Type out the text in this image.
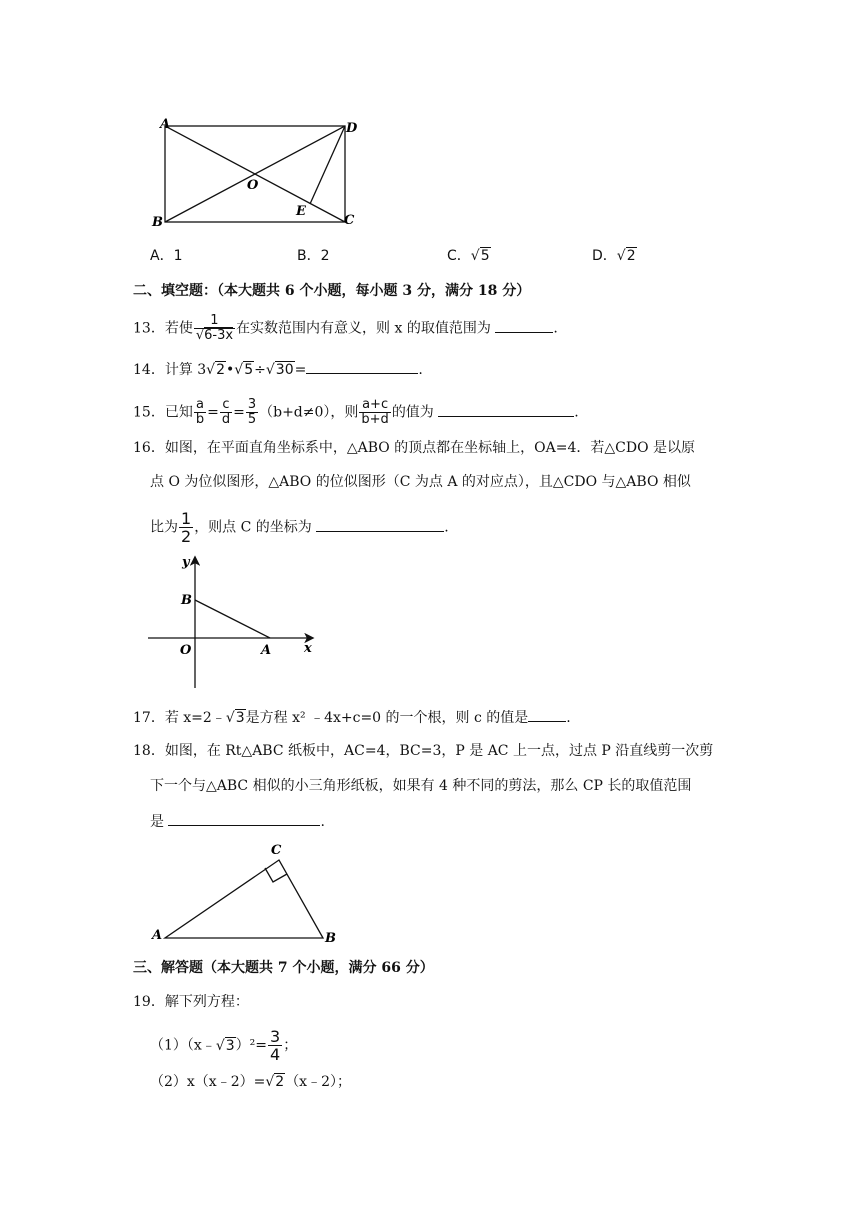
A	D
O
E
B	C
A．1	B．2	C．√5	D．√2
二、填空题：（本大题共 6 个小题，每小题 3 分，满分 18 分）
13．若使 $\frac{1}{√6-3x}$ 在实数范围内有意义，则 x 的取值范围为	.
14．计算 3√2•√5÷√30=	.
15．已知 $\frac{a}{b} = \frac{c}{d} = \frac{3}{5} (b+d\ne 0)$，则 $\frac{a+c}{b+d}$ 的值为	.
16．如图，在平面直角坐标系中，△ABO 的顶点都在坐标轴上，OA=4．若△CDO 是以原
点 O 为位似图形，△ABO 的位似图形（C 为点 A 的对应点），且△CDO 与△ABO 相似
比为 $\frac{1}{2}$ ，则点 C 的坐标为	.
y
x
B
O	A
17．若 x=2﹣√3是方程 x² ﹣4x+c=0 的一个根，则 c 的值是	.
18．如图，在 Rt△ABC 纸板中，AC=4，BC=3，P 是 AC 上一点，过点 P 沿直线剪一次剪
下一个与△ABC 相似的小三角形纸板，如果有 4 种不同的剪法，那么 CP 长的取值范围
是	.
C
A	B
三、解答题（本大题共 7 个小题，满分 66 分）
19．解下列方程：
（1）（x﹣√3）²= $\frac{3}{4}$ ；
（2）x（x﹣2）=√2（x﹣2）；
